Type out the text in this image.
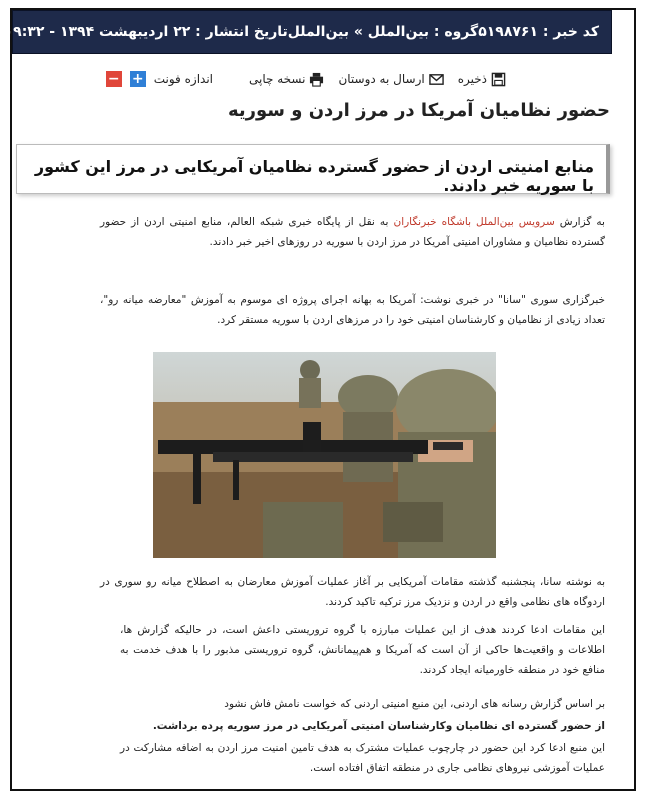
کد خبر : ۵۱۹۸۷۶۱
گروه : بین‌الملل » بین‌الملل
تاریخ انتشار : ۲۲ اردیبهشت ۱۳۹۴ - ۰۹:۳۲
ذخیره
ارسال به دوستان
نسخه چاپی
اندازه فونت
+
−
حضور نظامیان آمریکا در مرز اردن و سوریه
منابع امنیتی اردن از حضور گسترده نظامیان آمریکایی در مرز این کشور با سوریه خبر دادند.
به گزارش سرویس بین‌الملل باشگاه خبرنگاران به نقل از پایگاه خبری شبکه العالم، منابع امنیتی اردن از حضور گسترده نظامیان و مشاوران امنیتی آمریکا در مرز اردن با سوریه در روزهای اخیر خبر دادند.
خبرگزاری سوری "سانا" در خبری نوشت: آمریکا به بهانه اجرای پروژه ای موسوم به آموزش "معارضه میانه رو"، تعداد زیادی از نظامیان و کارشناسان امنیتی خود را در مرزهای اردن با سوریه مستقر کرد.
به نوشته سانا، پنجشنبه گذشته مقامات آمریکایی بر آغاز عملیات آموزش معارضان به اصطلاح میانه رو سوری در اردوگاه های نظامی واقع در اردن و نزدیک مرز ترکیه تاکید کردند.
این مقامات ادعا کردند هدف از این عملیات مبارزه با گروه تروریستی داعش است، در حالیکه گزارش ها، اطلاعات و واقعیت‌ها حاکی از آن است که آمریکا و هم‌پیمانانش، گروه تروریستی مذبور را با هدف خدمت به منافع خود در منطقه خاورمیانه ایجاد کردند.
بر اساس گزارش رسانه های اردنی، این منبع امنیتی اردنی که خواست نامش فاش نشود
از حضور گسترده ای نظامیان وکارشناسان امنیتی آمریکایی در مرز سوریه پرده برداشت.
این منبع ادعا کرد این حضور در چارچوب عملیات مشترک به هدف تامین امنیت مرز اردن به اضافه مشارکت در عملیات آموزشی نیروهای نظامی جاری در منطقه اتفاق افتاده است.
